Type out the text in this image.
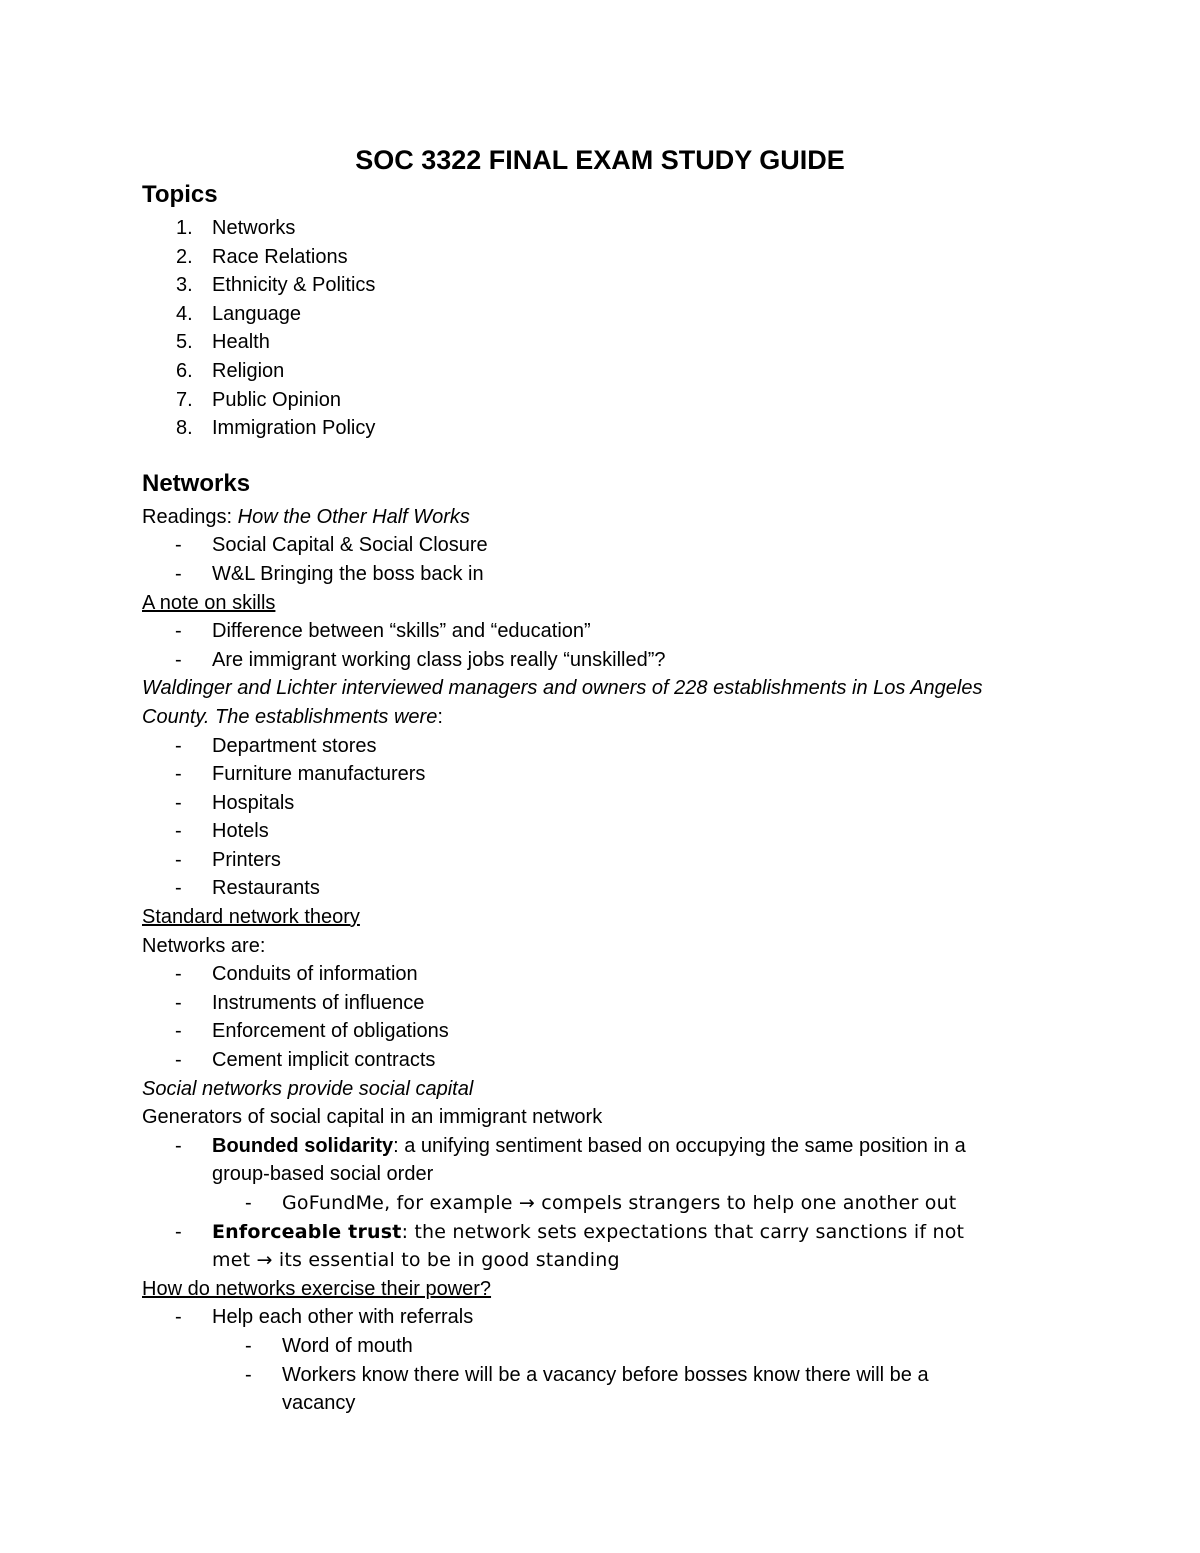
SOC 3322 FINAL EXAM STUDY GUIDE
Topics
1. Networks
2. Race Relations
3. Ethnicity & Politics
4. Language
5. Health
6. Religion
7. Public Opinion
8. Immigration Policy
Networks
Readings: How the Other Half Works
-	Social Capital & Social Closure
-	W&L Bringing the boss back in
A note on skills
-	Difference between “skills” and “education”
-	Are immigrant working class jobs really “unskilled”?
Waldinger and Lichter interviewed managers and owners of 228 establishments in Los Angeles
County. The establishments were:
-	Department stores
-	Furniture manufacturers
-	Hospitals
-	Hotels
-	Printers
-	Restaurants
Standard network theory
Networks are:
-	Conduits of information
-	Instruments of influence
-	Enforcement of obligations
-	Cement implicit contracts
Social networks provide social capital
Generators of social capital in an immigrant network
-	Bounded solidarity: a unifying sentiment based on occupying the same position in a
group-based social order
-	GoFundMe, for example → compels strangers to help one another out
-	Enforceable trust: the network sets expectations that carry sanctions if not
met → its essential to be in good standing
How do networks exercise their power?
-	Help each other with referrals
-	Word of mouth
-	Workers know there will be a vacancy before bosses know there will be a
vacancy
